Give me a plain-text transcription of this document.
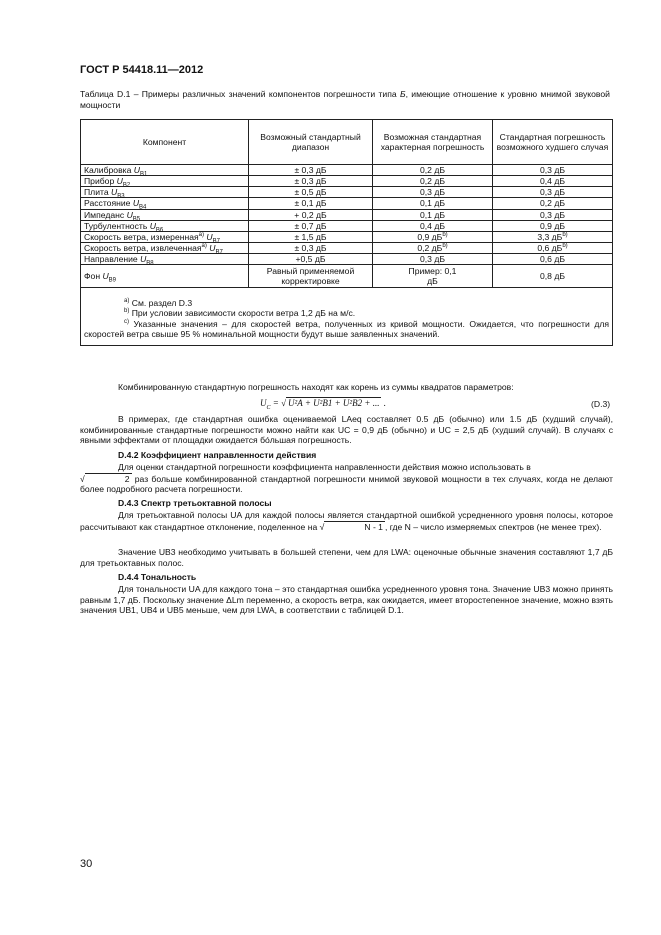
ГОСТ Р 54418.11—2012
Таблица D.1 – Примеры различных значений компонентов погрешности типа Б, имеющие отношение к уровню мнимой звуковой мощности
Компонент	Возможный стандартный диапазон	Возможная стандартная характерная погрешность	Стандартная погрешность возможного худшего случая
Калибровка $U_{B1}$	± 0,3 дБ	0,2 дБ	0,3 дБ
Прибор $U_{B2}$	± 0,3 дБ	0,2 дБ	0,4 дБ
Плита $U_{B3}$	± 0,5 дБ	0,3 дБ	0,3 дБ
Расстояние $U_{B4}$	± 0,1 дБ	0,1 дБ	0,2 дБ
Импеданс $U_{B5}$	+ 0,2 дБ	0,1 дБ	0,3 дБ
Турбулентность $U_{B6}$	± 0,7 дБ	0,4 дБ	0,9 дБ
Скорость ветра, измеренная$^{a)}$ $U_{B7}$	± 1,5 дБ	0,9 $дБ^{b)}$	3,3 $дБ^{b)}$
Скорость ветра, извлеченная$^{a)}$ $U_{B7}$	± 0,3 дБ	0,2 $дБ^{b)}$	0,6 $дБ^{b)}$
Направление $U_{B8}$	+0,5 дБ	0,3 дБ	0,6 дБ
Фон $U_{B9}$	Равный применяемой корректировке	Пример: 0,1 дБ	0,8 дБ

$^{a)}$ См. раздел D.3

$^{b)}$ При условии зависимости скорости ветра 1,2 дБ на м/с.

$^{c)}$ Указанные значения – для скоростей ветра, полученных из кривой мощности. Ожидается, что погрешности для скоростей ветра свыше 95 % номинальной мощности будут выше заявленных значений.			

Комбинированную стандартную погрешность находят как корень из суммы квадратов параметров:
$U_C$ = √ U²A + U²B1 + U²B2 + ... .	(D.3)
В примерах, где стандартная ошибка оцениваемой LAeq составляет 0.5 дБ (обычно) или 1.5 дБ (худший случай), комбинированные стандартные погрешности можно найти как UC = 0,9 дБ (обычно) и UC = 2,5 дБ (худший случай). В случаях с явными эффектами от площадки ожидается бóльшая погрешность.
D.4.2 Коэффициент направленности действия
Для оценки стандартной погрешности коэффициента направленности действия можно использовать в
√	2 раз больше комбинированной стандартной погрешности мнимой звуковой мощности в тех случаях, когда не делают более подробного расчета погрешности.
D.4.3 Спектр третьоктавной полосы
Для третьоктавной полосы UA для каждой полосы является стандартной ошибкой усредненного уровня полосы, которое рассчитывают как стандартное отклонение, поделенное на √	N - 1 , где N – число измеряемых спектров (не менее трех).
Значение UB3 необходимо учитывать в большей степени, чем для LWA: оценочные обычные значения составляют 1,7 дБ для третьоктавных полос.
D.4.4 Тональность
Для тональности UA для каждого тона – это стандартная ошибка усредненного уровня тона. Значение UB3 можно принять равным 1,7 дБ. Поскольку значение ΔLm переменно, а скорость ветра, как ожидается, имеет второстепенное значение, можно взять значения UB1, UB4 и UB5 меньше, чем для LWA, в соответствии с таблицей D.1.
30
